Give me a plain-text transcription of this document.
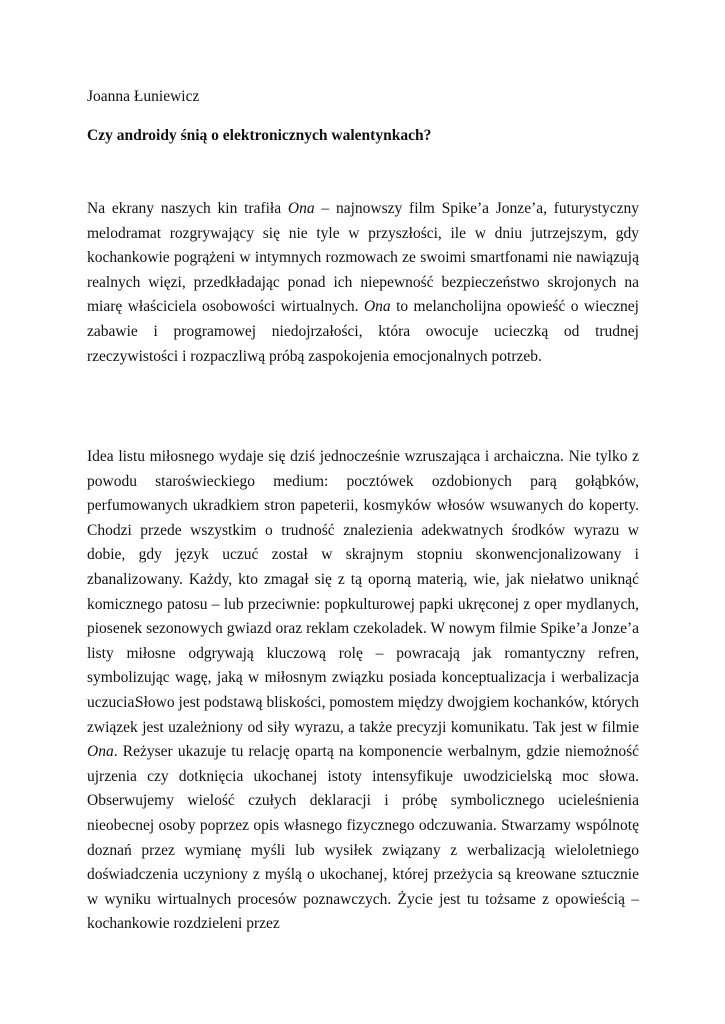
Joanna Łuniewicz

Czy androidy śnią o elektronicznych walentynkach?

Na ekrany naszych kin trafiła Ona – najnowszy film Spike’a Jonze’a, futurystyczny melodramat rozgrywający się nie tyle w przyszłości, ile w dniu jutrzejszym, gdy kochankowie pogrążeni w intymnych rozmowach ze swoimi smartfonami nie nawiązują realnych więzi, przedkładając ponad ich niepewność bezpieczeństwo skrojonych na miarę właściciela osobowości wirtualnych. Ona to melancholijna opowieść o wiecznej zabawie i programowej niedojrzałości, która owocuje ucieczką od trudnej rzeczywistości i rozpaczliwą próbą zaspokojenia emocjonalnych potrzeb.

Idea listu miłosnego wydaje się dziś jednocześnie wzruszająca i archaiczna. Nie tylko z powodu staroświeckiego medium: pocztówek ozdobionych parą gołąbków, perfumowanych ukradkiem stron papeterii, kosmyków włosów wsuwanych do koperty. Chodzi przede wszystkim o trudność znalezienia adekwatnych środków wyrazu w dobie, gdy język uczuć został w skrajnym stopniu skonwencjonalizowany i zbanalizowany. Każdy, kto zmagał się z tą oporną materią, wie, jak niełatwo uniknąć komicznego patosu – lub przeciwnie: popkulturowej papki ukręconej z oper mydlanych, piosenek sezonowych gwiazd oraz reklam czekoladek. W nowym filmie Spike’a Jonze’a listy miłosne odgrywają kluczową rolę – powracają jak romantyczny refren, symbolizując wagę, jaką w miłosnym związku posiada konceptualizacja i werbalizacja uczucia.

Słowo jest podstawą bliskości, pomostem między dwojgiem kochanków, których związek jest uzależniony od siły wyrazu, a także precyzji komunikatu. Tak jest w filmie Ona. Reżyser ukazuje tu relację opartą na komponencie werbalnym, gdzie niemożność ujrzenia czy dotknięcia ukochanej istoty intensyfikuje uwodzicielską moc słowa. Obserwujemy wielość czułych deklaracji i próbę symbolicznego ucieleśnienia nieobecnej osoby poprzez opis własnego fizycznego odczuwania. Stwarzamy wspólnotę doznań przez wymianę myśli lub wysiłek związany z werbalizacją wieloletniego doświadczenia uczyniony z myślą o ukochanej, której przeżycia są kreowane sztucznie w wyniku wirtualnych procesów poznawczych. Życie jest tu tożsame z opowieścią – kochankowie rozdzieleni przez
